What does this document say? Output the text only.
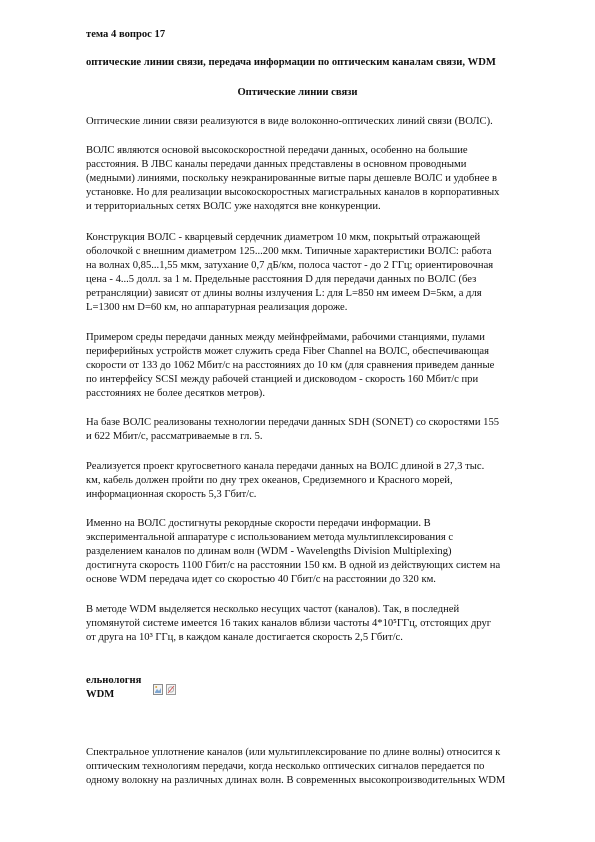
тема 4 вопрос 17
оптические линии связи, передача информации по оптическим каналам связи, WDM
Оптические линии связи
Оптические линии связи реализуются в виде волоконно-оптических линий связи (ВОЛС).
ВОЛС являются основой высокоскоростной передачи данных, особенно на большие
расстояния. В ЛВС каналы передачи данных представлены в основном проводными
(медными) линиями, поскольку неэкранированные витые пары дешевле ВОЛС и удобнее в
установке. Но для реализации высокоскоростных магистральных каналов в корпоративных
и территориальных сетях ВОЛС уже находятся вне конкуренции.
Конструкция ВОЛС - кварцевый сердечник диаметром 10 мкм, покрытый отражающей
оболочкой с внешним диаметром 125...200 мкм. Типичные характеристики ВОЛС: работа
на волнах 0,85...1,55 мкм, затухание 0,7 дБ/км, полоса частот - до 2 ГГц; ориентировочная
цена - 4...5 долл. за 1 м. Предельные расстояния D для передачи данных по ВОЛС (без
ретрансляции) зависят от длины волны излучения L: для L=850 нм имеем D=5км, а для
L=1300 нм D=60 км, но аппаратурная реализация дороже.
Примером среды передачи данных между мейнфреймами, рабочими станциями, пулами
периферийных устройств может служить среда Fiber Channel на ВОЛС, обеспечивающая
скорости от 133 до 1062 Мбит/с на расстояниях до 10 км (для сравнения приведем данные
по интерфейсу SCSI между рабочей станцией и дисководом - скорость 160 Мбит/с при
расстояниях не более десятков метров).
На базе ВОЛС реализованы технологии передачи данных SDH (SONET) со скоростями 155
и 622 Мбит/с, рассматриваемые в гл. 5.
Реализуется проект кругосветного канала передачи данных на ВОЛС длиной в 27,3 тыс.
км, кабель должен пройти по дну трех океанов, Средиземного и Красного морей,
информационная скорость 5,3 Гбит/с.
Именно на ВОЛС достигнуты рекордные скорости передачи информации. В
экспериментальной аппаратуре с использованием метода мультиплексирования с
разделением каналов по длинам волн (WDM - Wavelengths Division Multiplexing)
достигнута скорость 1100 Гбит/с на расстоянии 150 км. В одной из действующих систем на
основе WDM передача идет со скоростью 40 Гбит/с на расстоянии до 320 км.
В методе WDM выделяется несколько несущих частот (каналов). Так, в последней
упомянутой системе имеется 16 таких каналов вблизи частоты 4*10⁵ГГц, отстоящих друг
от друга на 10³ ГГц, в каждом канале достигается скорость 2,5 Гбит/с.
ельнологня
WDM
Спектральное уплотнение каналов (или мультиплексирование по длине волны) относится к
оптическим технологиям передачи, когда несколько оптических сигналов передается по
одному волокну на различных длинах волн. В современных высокопроизводительных WDM
